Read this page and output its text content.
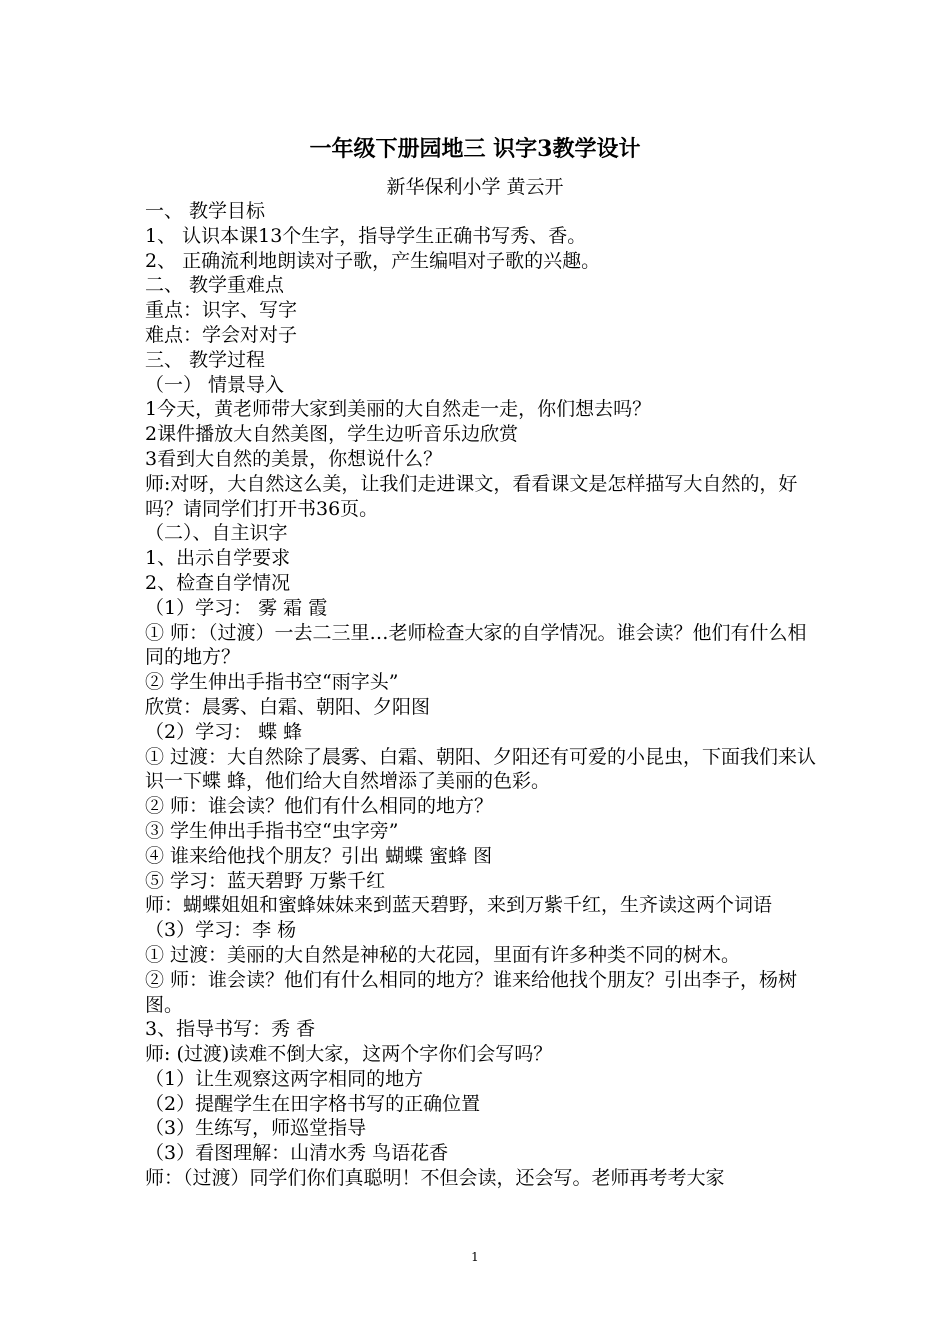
一年级下册园地三 识字3教学设计
新华保利小学 黄云开
一、 教学目标
1、 认识本课13个生字，指导学生正确书写秀、香。
2、 正确流利地朗读对子歌，产生编唱对子歌的兴趣。
二、 教学重难点
重点：识字、写字
难点：学会对对子
三、 教学过程
（一） 情景导入
1今天，黄老师带大家到美丽的大自然走一走，你们想去吗？
2课件播放大自然美图，学生边听音乐边欣赏
3看到大自然的美景，你想说什么？
师:对呀，大自然这么美，让我们走进课文，看看课文是怎样描写大自然的，好吗？请同学们打开书36页。
（二）、自主识字
1、出示自学要求
2、检查自学情况
（1）学习： 雾 霜 霞
① 师：（过渡）一去二三里…老师检查大家的自学情况。谁会读？他们有什么相同的地方？
② 学生伸出手指书空“雨字头”
欣赏：晨雾、白霜、朝阳、夕阳图
（2）学习： 蝶 蜂
① 过渡：大自然除了晨雾、白霜、朝阳、夕阳还有可爱的小昆虫，下面我们来认识一下蝶 蜂，他们给大自然增添了美丽的色彩。
② 师：谁会读？他们有什么相同的地方？
③ 学生伸出手指书空“虫字旁”
④ 谁来给他找个朋友？引出 蝴蝶 蜜蜂 图
⑤ 学习：蓝天碧野 万紫千红
师：蝴蝶姐姐和蜜蜂妹妹来到蓝天碧野，来到万紫千红，生齐读这两个词语
（3）学习：李 杨
① 过渡：美丽的大自然是神秘的大花园，里面有许多种类不同的树木。
② 师：谁会读？他们有什么相同的地方？谁来给他找个朋友？引出李子，杨树图。
3、指导书写：秀 香
师: (过渡)读难不倒大家，这两个字你们会写吗？
（1）让生观察这两字相同的地方
（2）提醒学生在田字格书写的正确位置
（3）生练写，师巡堂指导
（3）看图理解：山清水秀 鸟语花香
师：（过渡）同学们你们真聪明！不但会读，还会写。老师再考考大家
1
